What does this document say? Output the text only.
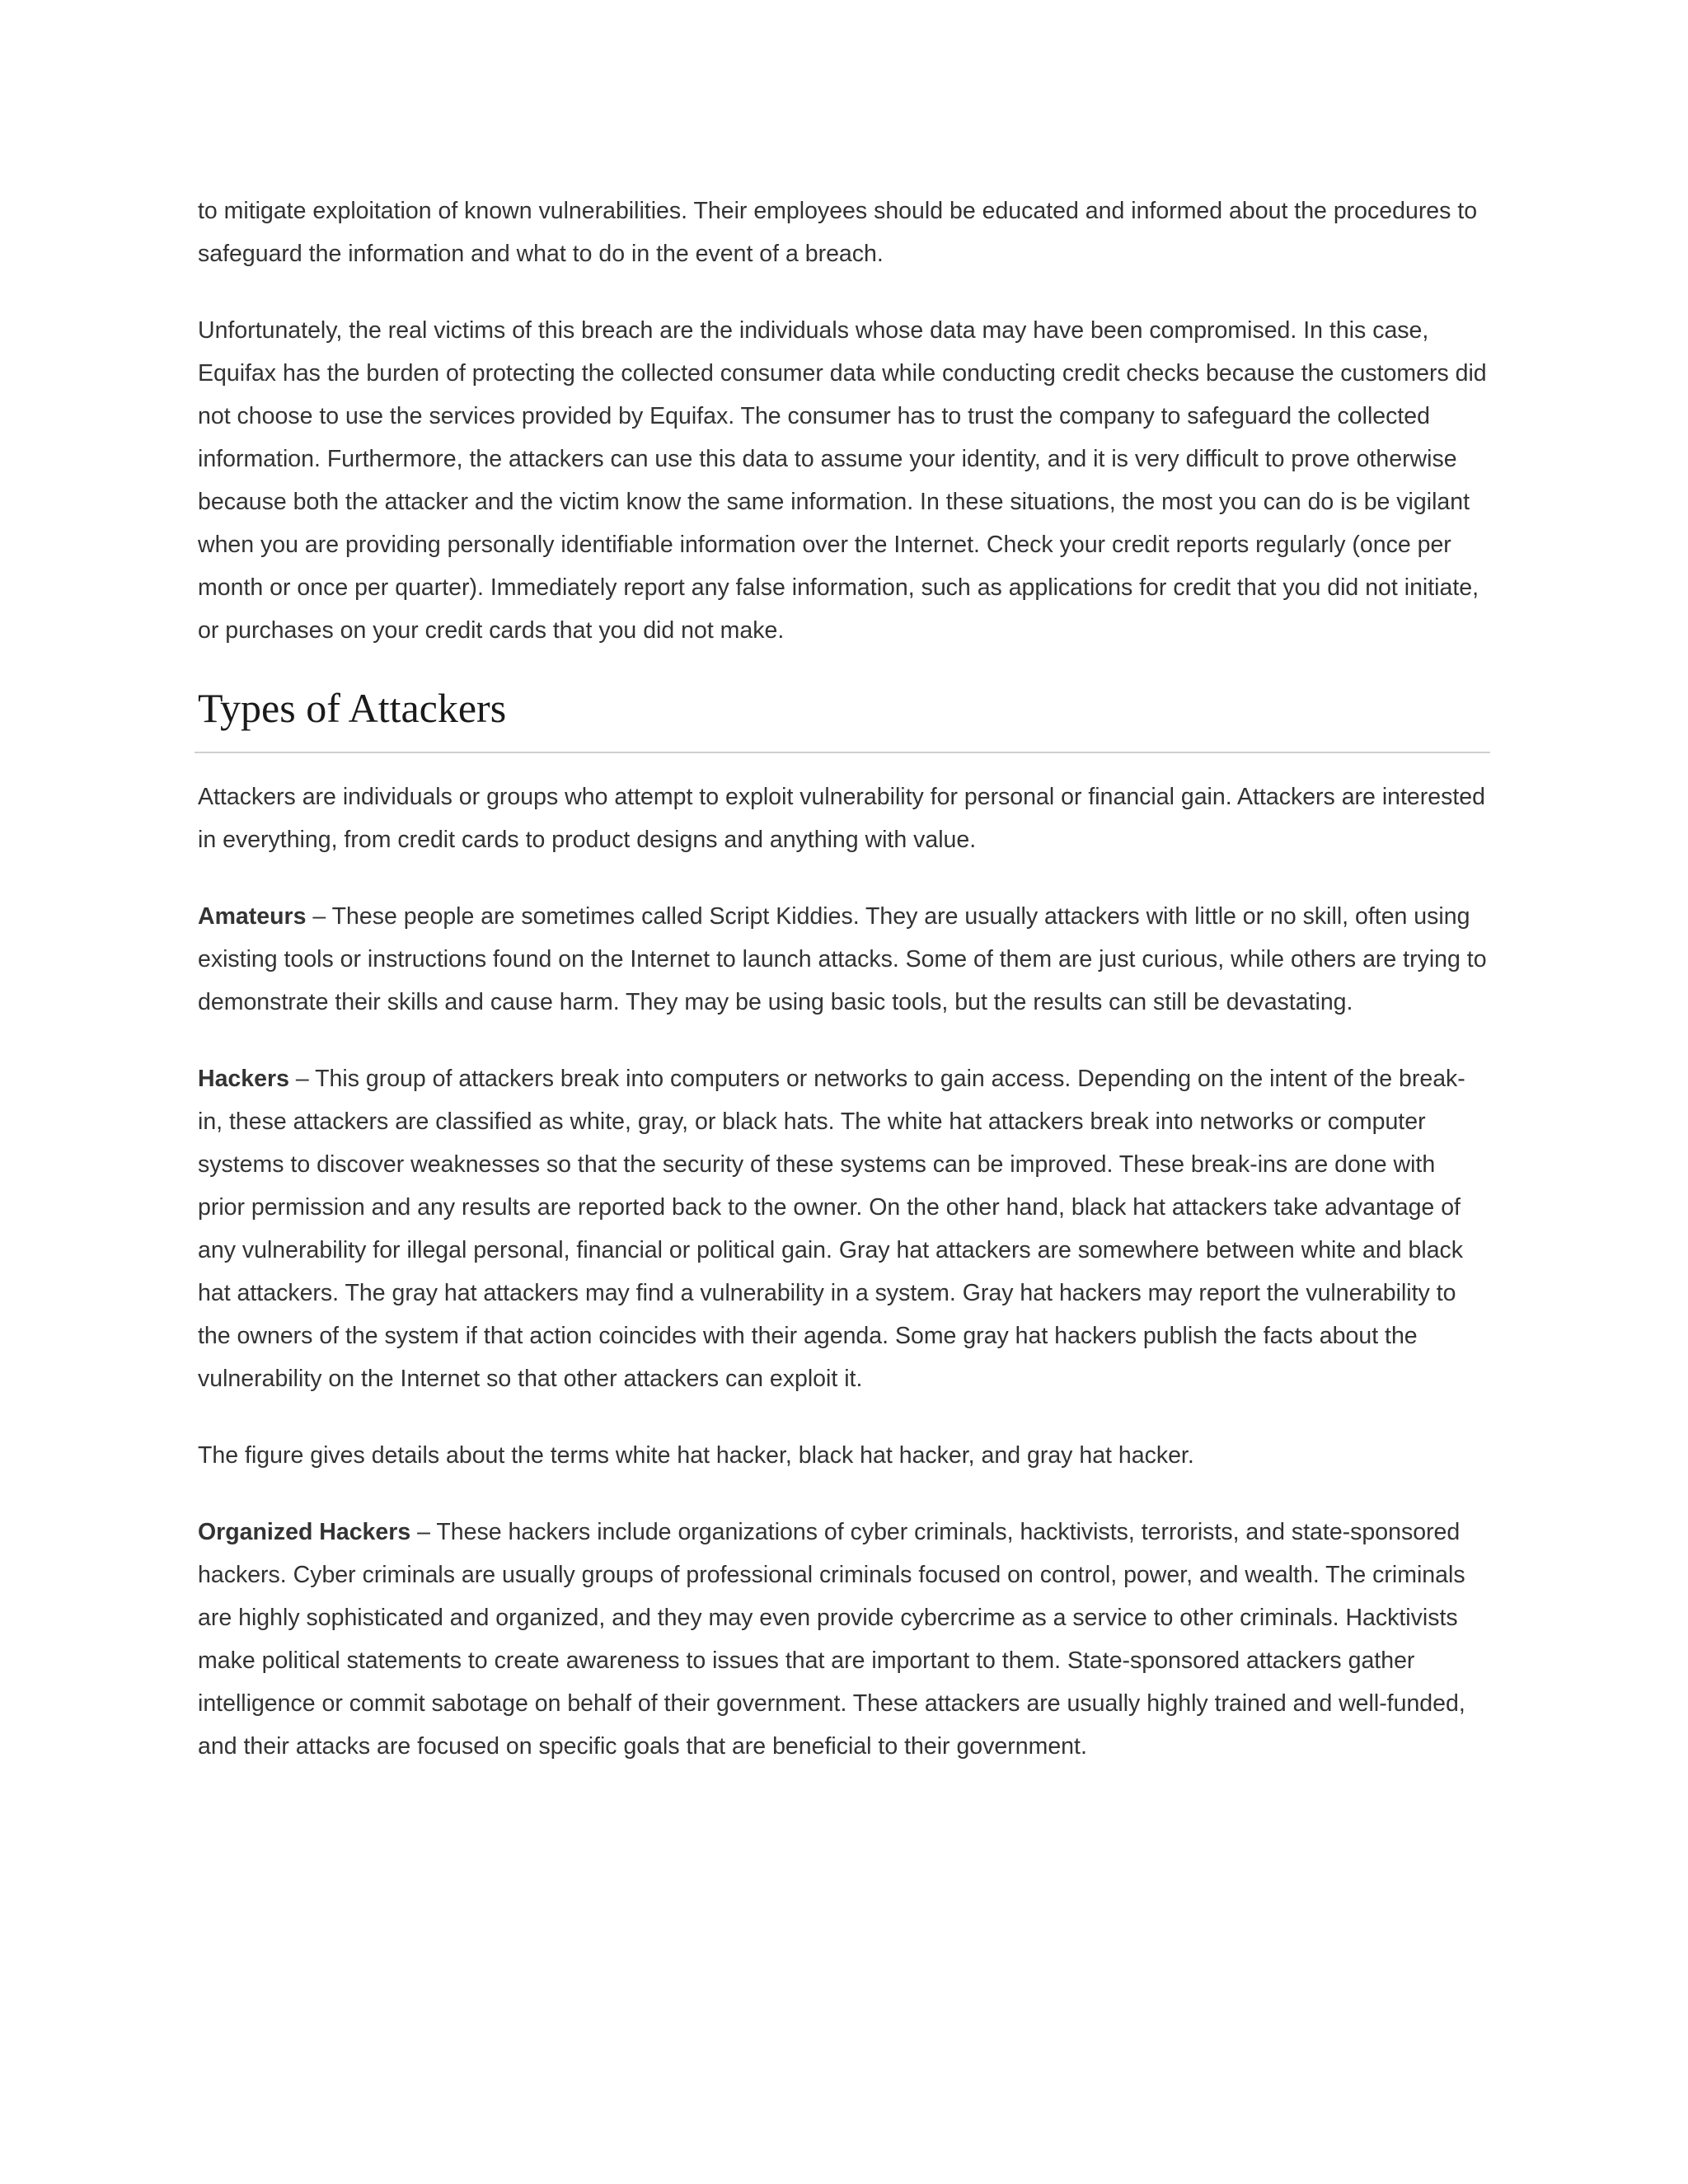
to mitigate exploitation of known vulnerabilities. Their employees should be educated and informed about the procedures to safeguard the information and what to do in the event of a breach.

Unfortunately, the real victims of this breach are the individuals whose data may have been compromised. In this case, Equifax has the burden of protecting the collected consumer data while conducting credit checks because the customers did not choose to use the services provided by Equifax. The consumer has to trust the company to safeguard the collected information. Furthermore, the attackers can use this data to assume your identity, and it is very difficult to prove otherwise because both the attacker and the victim know the same information. In these situations, the most you can do is be vigilant when you are providing personally identifiable information over the Internet. Check your credit reports regularly (once per month or once per quarter). Immediately report any false information, such as applications for credit that you did not initiate, or purchases on your credit cards that you did not make.

Types of Attackers

Attackers are individuals or groups who attempt to exploit vulnerability for personal or financial gain. Attackers are interested in everything, from credit cards to product designs and anything with value.

Amateurs – These people are sometimes called Script Kiddies. They are usually attackers with little or no skill, often using existing tools or instructions found on the Internet to launch attacks. Some of them are just curious, while others are trying to demonstrate their skills and cause harm. They may be using basic tools, but the results can still be devastating.

Hackers – This group of attackers break into computers or networks to gain access. Depending on the intent of the break-in, these attackers are classified as white, gray, or black hats. The white hat attackers break into networks or computer systems to discover weaknesses so that the security of these systems can be improved. These break-ins are done with prior permission and any results are reported back to the owner. On the other hand, black hat attackers take advantage of any vulnerability for illegal personal, financial or political gain. Gray hat attackers are somewhere between white and black hat attackers. The gray hat attackers may find a vulnerability in a system. Gray hat hackers may report the vulnerability to the owners of the system if that action coincides with their agenda. Some gray hat hackers publish the facts about the vulnerability on the Internet so that other attackers can exploit it.

The figure gives details about the terms white hat hacker, black hat hacker, and gray hat hacker.

Organized Hackers – These hackers include organizations of cyber criminals, hacktivists, terrorists, and state-sponsored hackers. Cyber criminals are usually groups of professional criminals focused on control, power, and wealth. The criminals are highly sophisticated and organized, and they may even provide cybercrime as a service to other criminals. Hacktivists make political statements to create awareness to issues that are important to them. State-sponsored attackers gather intelligence or commit sabotage on behalf of their government. These attackers are usually highly trained and well-funded, and their attacks are focused on specific goals that are beneficial to their government.
